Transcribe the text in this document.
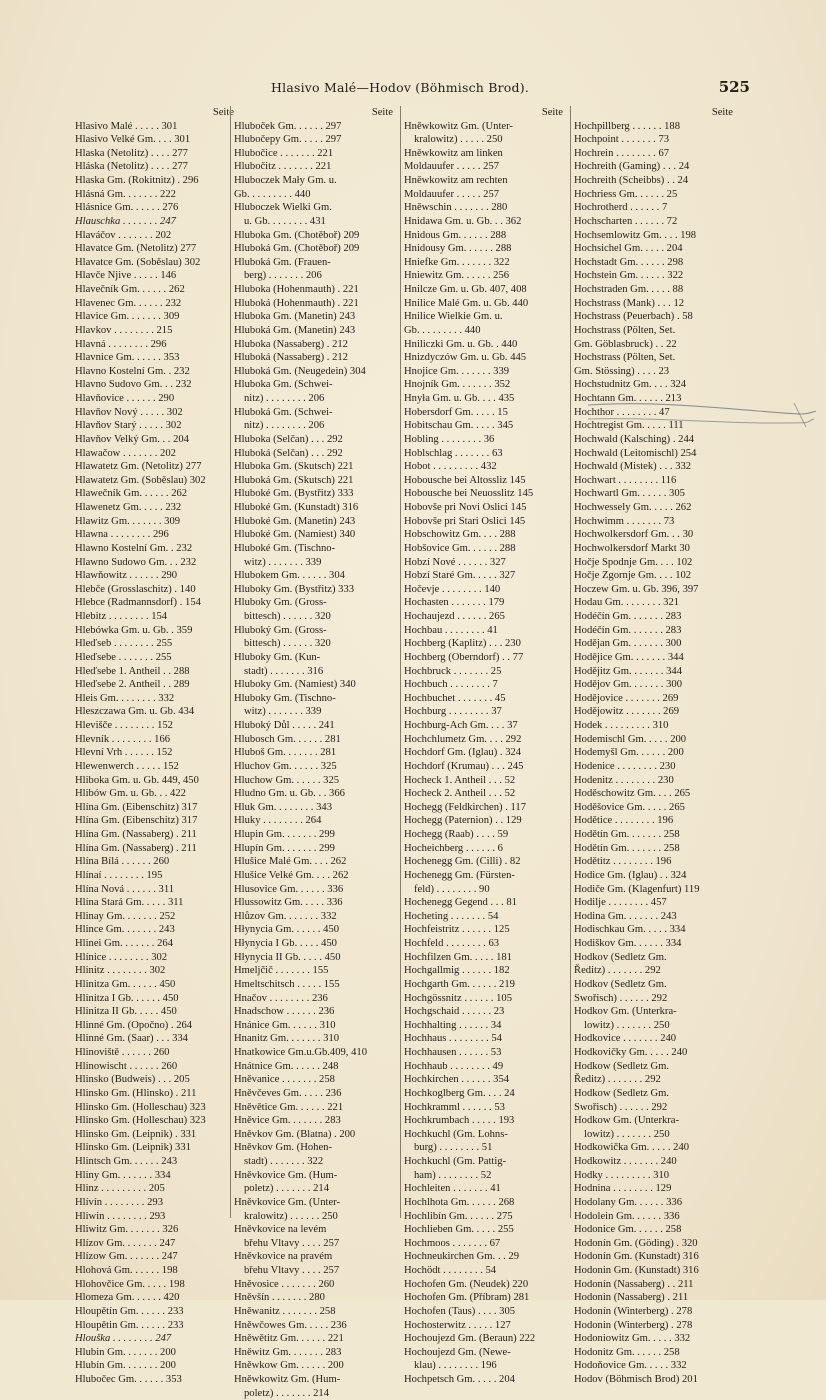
Hlasivo Malé—Hodov (Böhmisch Brod).	525
Seite
Hlasivo Malé . . . . . 301
Hlasivo Velké Gm. . . . 301
Hlaska (Netolitz) . . . . 277
Hláska (Netolitz) . . . . 277
Hlaska Gm. (Rokitnitz) . 296
Hlásná Gm. . . . . . . 222
Hlásnice Gm. . . . . . 276
Hlauschka . . . . . . . 247
Hlaváčov . . . . . . . 202
Hlavatce Gm. (Netolitz) 277
Hlavatce Gm. (Soběslau) 302
Hlavče Njive . . . . . 146
Hlavečník Gm. . . . . . 262
Hlavenec Gm. . . . . . 232
Hlavice Gm. . . . . . . 309
Hlavkov . . . . . . . . 215
Hlavná . . . . . . . . 296
Hlavnice Gm. . . . . . 353
Hlavno Kostelní Gm. . 232
Hlavno Sudovo Gm. . . 232
Hlavňovice . . . . . . 290
Hlavňov Nový . . . . . 302
Hlavňov Starý . . . . . 302
Hlavňov Velký Gm. . . 204
Hlawačow . . . . . . . 202
Hlawatetz Gm. (Netolitz) 277
Hlawatetz Gm. (Soběslau) 302
Hlawečník Gm. . . . . . 262
Hlawenetz Gm. . . . . 232
Hlawitz Gm. . . . . . . 309
Hlawna . . . . . . . . 296
Hlawno Kostelní Gm. . 232
Hlawno Sudowo Gm. . . 232
Hlawňowitz . . . . . . 290
Hlebče (Grosslaschitz) . 140
Hlebce (Radmannsdorf) . 154
Hlebitz . . . . . . . . 154
Hlebówka Gm. u. Gb. . 359
Hleďseb . . . . . . . . 255
Hleďsebe . . . . . . . 255
Hleďsebe 1. Antheil . . 288
Hleďsebe 2. Antheil . . 289
Hleis Gm. . . . . . . . 332
Hleszczawa Gm. u. Gb. 434
Hlevišče . . . . . . . . 152
Hlevník . . . . . . . . 166
Hlevní Vrh . . . . . . 152
Hlewenwerch . . . . . 152
Hliboka Gm. u. Gb. 449, 450
Hlibów Gm. u. Gb. . . 422
Hlína Gm. (Eibenschitz) 317
Hlína Gm. (Eibenschitz) 317
Hlína Gm. (Nassaberg) . 211
Hlína Gm. (Nassaberg) . 211
Hlína Bílá . . . . . . 260
Hlínaí . . . . . . . . 195
Hlína Nová . . . . . . 311
Hlína Stará Gm. . . . . 311
Hlinay Gm. . . . . . . 252
Hlince Gm. . . . . . . 243
Hlinei Gm. . . . . . . 264
Hlínice . . . . . . . . 302
Hlinitz . . . . . . . . 302
Hlinitza Gm. . . . . . 450
Hlinitza I Gb. . . . . . 450
Hlinitza II Gb. . . . . 450
Hlinné Gm. (Opočno) . 264
Hlinné Gm. (Saar) . . . 334
Hlinoviště . . . . . . 260
Hlinowischt . . . . . . 260
Hlinsko (Budweis) . . . 205
Hlinsko Gm. (Hlinsko) . 211
Hlinsko Gm. (Holleschau) 323
Hlinsko Gm. (Holleschau) 323
Hlinsko Gm. (Leipnik) . 331
Hlinsko Gm. (Leipnik) 331
Hlintsch Gm. . . . . . 243
Hliny Gm. . . . . . . 334
Hlinz . . . . . . . . . 205
Hlívín . . . . . . . . 293
Hliwin . . . . . . . . 293
Hliwitz Gm. . . . . . . 326
Hlízov Gm. . . . . . . 247
Hlízow Gm. . . . . . . 247
Hlohová Gm. . . . . . 198
Hlohovčice Gm. . . . . 198
Hlomeza Gm. . . . . . 420
Hloupětín Gm. . . . . . 233
Hloupětin Gm. . . . . . 233
Hlouška . . . . . . . . 247
Hlubin Gm. . . . . . . 200
Hlubín Gm. . . . . . . 200
Hlubočec Gm. . . . . . 353
Seite
Hluboček Gm. . . . . . 297
Hlubočepy Gm. . . . . 297
Hlubočice . . . . . . . 221
Hlubočitz . . . . . . . 221
Hluboczek Mały Gm. u.
Gb. . . . . . . . . 440
Hluboczek Wielki Gm.
u. Gb. . . . . . . . 431
Hluboka Gm. (Chotěboř) 209
Hluboká Gm. (Chotěboř) 209
Hluboká Gm. (Frauen-
berg) . . . . . . . 206
Hluboka (Hohenmauth) . 221
Hluboká (Hohenmauth) . 221
Hluboka Gm. (Manetin) 243
Hluboká Gm. (Manetin) 243
Hluboka (Nassaberg) . 212
Hluboká (Nassaberg) . 212
Hluboká Gm. (Neugedein) 304
Hluboka Gm. (Schwei-
nitz) . . . . . . . . 206
Hluboká Gm. (Schwei-
nitz) . . . . . . . . 206
Hluboka (Selčan) . . . 292
Hluboká (Selčan) . . . 292
Hluboka Gm. (Skutsch) 221
Hluboká Gm. (Skutsch) 221
Hluboké Gm. (Bystřitz) 333
Hluboké Gm. (Kunstadt) 316
Hluboké Gm. (Manetin) 243
Hluboké Gm. (Namiest) 340
Hluboké Gm. (Tischno-
witz) . . . . . . . 339
Hlubokem Gm. . . . . . 304
Hluboky Gm. (Bystřitz) 333
Hluboky Gm. (Gross-
bittesch) . . . . . . 320
Hluboký Gm. (Gross-
bittesch) . . . . . . 320
Hluboky Gm. (Kun-
stadt) . . . . . . . 316
Hluboky Gm. (Namiest) 340
Hluboky Gm. (Tischno-
witz) . . . . . . . 339
Hluboký Důl . . . . . 241
Hlubosch Gm. . . . . . 281
Hluboš Gm. . . . . . . 281
Hluchov Gm. . . . . . 325
Hluchow Gm. . . . . . 325
Hludno Gm. u. Gb. . . 366
Hluk Gm. . . . . . . . 343
Hluky . . . . . . . . 264
Hlupin Gm. . . . . . . 299
Hlupín Gm. . . . . . . 299
Hlušice Malé Gm. . . . 262
Hlušice Velké Gm. . . . 262
Hlusovice Gm. . . . . . 336
Hlussowitz Gm. . . . . 336
Hlůzov Gm. . . . . . . 332
Hłynycia Gm. . . . . . 450
Hłynycia I Gb. . . . . 450
Hłynycia II Gb. . . . . 450
Hmeljčič . . . . . . . 155
Hmeltschitsch . . . . . 155
Hnačov . . . . . . . . 236
Hnadschow . . . . . . 236
Hnánice Gm. . . . . . 310
Hnanitz Gm. . . . . . . 310
Hnatkowice Gm.u.Gb.409, 410
Hnátnice Gm. . . . . . 248
Hněvanice . . . . . . . 258
Hněvčeves Gm. . . . . 236
Hněvětice Gm. . . . . . 221
Hněvice Gm. . . . . . . 283
Hněvkov Gm. (Blatna) . 200
Hněvkov Gm. (Hohen-
stadt) . . . . . . . 322
Hněvkovice Gm. (Hum-
poletz) . . . . . . . 214
Hněvkovice Gm. (Unter-
kralowitz) . . . . . . 250
Hněvkovice na levém
břehu Vltavy . . . . 257
Hněvkovice na pravém
břehu Vltavy . . . . 257
Hněvosice . . . . . . . 260
Hněvšín . . . . . . . 280
Hněwanitz . . . . . . . 258
Hněwčowes Gm. . . . . 236
Hněwětitz Gm. . . . . . 221
Hněwitz Gm. . . . . . . 283
Hněwkow Gm. . . . . . 200
Hněwkowitz Gm. (Hum-
poletz) . . . . . . . 214
Seite
Hněwkowitz Gm. (Unter-
kralowitz) . . . . . 250
Hněwkowitz am linken
Moldauufer . . . . . 257
Hněwkowitz am rechten
Moldauufer . . . . . 257
Hněwschin . . . . . . . 280
Hnidawa Gm. u. Gb. . . 362
Hnidous Gm. . . . . . 288
Hnidousy Gm. . . . . . 288
Hniefke Gm. . . . . . . 322
Hniewitz Gm. . . . . . 256
Hnilcze Gm. u. Gb. 407, 408
Hnilice Malé Gm. u. Gb. 440
Hnilice Wielkie Gm. u.
Gb. . . . . . . . . 440
Hniliczki Gm. u. Gb. . 440
Hnizdyczów Gm. u. Gb. 445
Hnojice Gm. . . . . . . 339
Hnojník Gm. . . . . . . 352
Hnyła Gm. u. Gb. . . . 435
Hobersdorf Gm. . . . . 15
Hobitschau Gm. . . . . 345
Hobling . . . . . . . . 36
Hoblschlag . . . . . . . 63
Hobot . . . . . . . . . 432
Hobousche bei Altossliz 145
Hobousche bei Neuosslitz 145
Hobovše pri Novi Oslici 145
Hobovše pri Stari Oslici 145
Hobschowitz Gm. . . . 288
Hobšovice Gm. . . . . . 288
Hobzí Nové . . . . . . 327
Hobzí Staré Gm. . . . . 327
Hočevje . . . . . . . . 140
Hochasten . . . . . . . 179
Hochaujezd . . . . . . 265
Hochbau . . . . . . . . 41
Hochberg (Kaplitz) . . . 230
Hochberg (Oberndorf) . . 77
Hochbruck . . . . . . . 25
Hochbuch . . . . . . . . 7
Hochbuchet . . . . . . . 45
Hochburg . . . . . . . . 37
Hochburg-Ach Gm. . . . 37
Hochchlumetz Gm. . . . 292
Hochdorf Gm. (Iglau) . 324
Hochdorf (Krumau) . . . 245
Hocheck 1. Antheil . . . 52
Hocheck 2. Antheil . . . 52
Hochegg (Feldkirchen) . 117
Hochegg (Paternion) . . 129
Hochegg (Raab) . . . . 59
Hocheichberg . . . . . . 6
Hochenegg Gm. (Cilli) . 82
Hochenegg Gm. (Fürsten-
feld) . . . . . . . . 90
Hochenegg Gegend . . . 81
Hocheting . . . . . . . 54
Hochfeistritz . . . . . . 125
Hochfeld . . . . . . . . 63
Hochfilzen Gm. . . . . 181
Hochgallmig . . . . . . 182
Hochgarth Gm. . . . . . 219
Hochgössnitz . . . . . . 105
Hochgschaid . . . . . . 23
Hochhalting . . . . . . 34
Hochhaus . . . . . . . . 54
Hochhausen . . . . . . 53
Hochhaub . . . . . . . . 49
Hochkirchen . . . . . . 354
Hochkoglberg Gm. . . . 24
Hochkramml . . . . . . 53
Hochkrumbach . . . . . 193
Hochkuchl (Gm. Lohns-
burg) . . . . . . . . 51
Hochkuchl (Gm. Pattig-
ham) . . . . . . . . 52
Hochleiten . . . . . . . 41
Hochlhota Gm. . . . . . 268
Hochlibín Gm. . . . . . 275
Hochlieben Gm. . . . . 255
Hochmoos . . . . . . . 67
Hochneukirchen Gm. . . 29
Hochödt . . . . . . . . 54
Hochofen Gm. (Neudek) 220
Hochofen Gm. (Příbram) 281
Hochofen (Taus) . . . . 305
Hochosterwitz . . . . . 127
Hochoujezd Gm. (Beraun) 222
Hochoujezd Gm. (Newe-
klau) . . . . . . . . 196
Hochpetsch Gm. . . . . 204
Seite
Hochpillberg . . . . . . 188
Hochpoint . . . . . . . 73
Hochrein . . . . . . . . 67
Hochreith (Gaming) . . . 24
Hochreith (Scheibbs) . . 24
Hochriess Gm. . . . . . 25
Hochrotherd . . . . . . 7
Hochscharten . . . . . . 72
Hochsemlowitz Gm. . . . 198
Hochsichel Gm. . . . . 204
Hochstadt Gm. . . . . . 298
Hochstein Gm. . . . . . 322
Hochstraden Gm. . . . . 88
Hochstrass (Mank) . . . 12
Hochstrass (Peuerbach) . 58
Hochstrass (Pölten, Set.
Gm. Göblasbruck) . . 22
Hochstrass (Pölten, Set.
Gm. Stössing) . . . . 23
Hochstudnitz Gm. . . . 324
Hochtann Gm. . . . . . 213
Hochthor . . . . . . . . 47
Hochtregist Gm. . . . . 111
Hochwald (Kalsching) . 244
Hochwald (Leitomischl) 254
Hochwald (Mistek) . . . 332
Hochwart . . . . . . . . 116
Hochwartl Gm. . . . . . 305
Hochwessely Gm. . . . . 262
Hochwimm . . . . . . . 73
Hochwolkersdorf Gm. . . 30
Hochwolkersdorf Markt 30
Hočje Spodnje Gm. . . . 102
Hočje Zgornje Gm. . . . 102
Hoczew Gm. u. Gb. 396, 397
Hodau Gm. . . . . . . . 321
Hodéčín Gm. . . . . . . 283
Hodéčín Gm. . . . . . . 283
Hodějan Gm. . . . . . . 300
Hodějice Gm. . . . . . . 344
Hodějitz Gm. . . . . . . 344
Hodějov Gm. . . . . . . 300
Hodějovice . . . . . . . 269
Hodějowitz . . . . . . . 269
Hodek . . . . . . . . . 310
Hodemischl Gm. . . . . 200
Hodemyšl Gm. . . . . . 200
Hodenice . . . . . . . . 230
Hodenitz . . . . . . . . 230
Hoděschowitz Gm. . . . 265
Hoděšovice Gm. . . . . 265
Hodětice . . . . . . . . 196
Hodětín Gm. . . . . . . 258
Hodětín Gm. . . . . . . 258
Hodětitz . . . . . . . . 196
Hodice Gm. (Iglau) . . 324
Hodiče Gm. (Klagenfurt) 119
Hodilje . . . . . . . . 457
Hodina Gm. . . . . . . 243
Hodischkau Gm. . . . . 334
Hodiškov Gm. . . . . . 334
Hodkov (Sedletz Gm.
Ředitz) . . . . . . . 292
Hodkov (Sedletz Gm.
Swořisch) . . . . . . 292
Hodkov Gm. (Unterkra-
lowitz) . . . . . . . 250
Hodkovice . . . . . . . 240
Hodkovičky Gm. . . . . 240
Hodkow (Sedletz Gm.
Ředitz) . . . . . . . 292
Hodkow (Sedletz Gm.
Swořisch) . . . . . . 292
Hodkow Gm. (Unterkra-
lowitz) . . . . . . . 250
Hodkowička Gm. . . . . 240
Hodkowitz . . . . . . . 240
Hodky . . . . . . . . . 310
Hodnina . . . . . . . . 129
Hodolany Gm. . . . . . 336
Hodolein Gm. . . . . . 336
Hodonice Gm. . . . . . 258
Hodonín Gm. (Göding) . 320
Hodonín Gm. (Kunstadt) 316
Hodonin Gm. (Kunstadt) 316
Hodonín (Nassaberg) . . 211
Hodonin (Nassaberg) . 211
Hodonín (Winterberg) . 278
Hodonin (Winterberg) . 278
Hodoniowitz Gm. . . . . 332
Hodonitz Gm. . . . . . 258
Hodoňovice Gm. . . . . 332
Hodov (Böhmisch Brod) 201
